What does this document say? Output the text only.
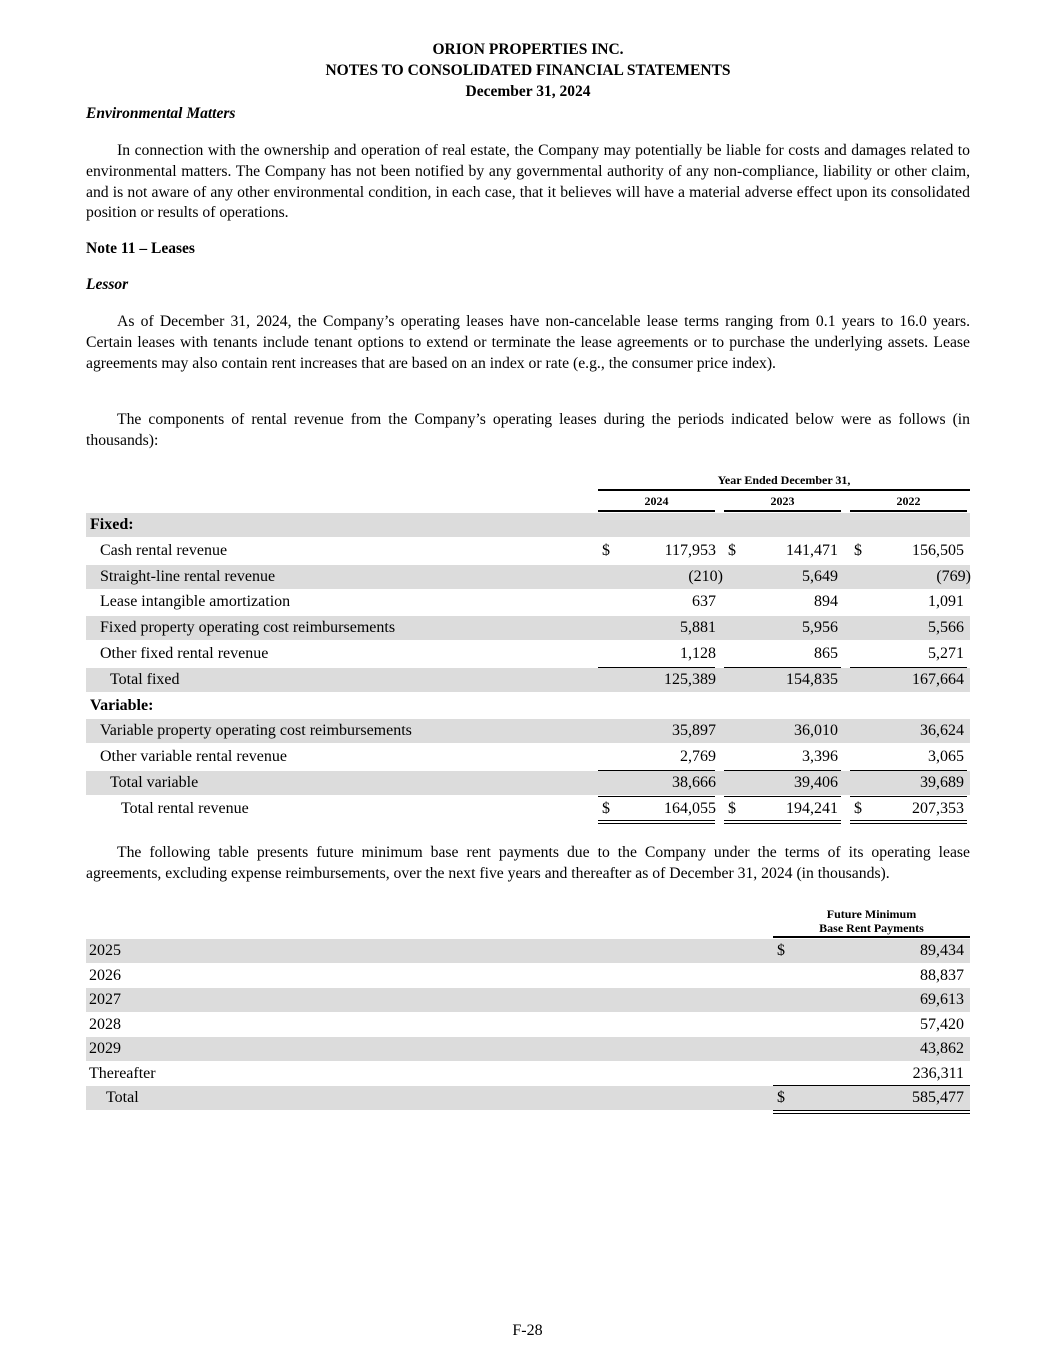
ORION PROPERTIES INC.
NOTES TO CONSOLIDATED FINANCIAL STATEMENTS
December 31, 2024
Environmental Matters

In connection with the ownership and operation of real estate, the Company may potentially be liable for costs and damages related to environmental matters. The Company has not been notified by any governmental authority of any non-compliance, liability or other claim, and is not aware of any other environmental condition, in each case, that it believes will have a material adverse effect upon its consolidated position or results of operations.

Note 11 – Leases
Lessor

As of December 31, 2024, the Company’s operating leases have non-cancelable lease terms ranging from 0.1 years to 16.0 years. Certain leases with tenants include tenant options to extend or terminate the lease agreements or to purchase the underlying assets. Lease agreements may also contain rent increases that are based on an index or rate (e.g., the consumer price index).

The components of rental revenue from the Company’s operating leases during the periods indicated below were as follows (in thousands):

The following table presents future minimum base rent payments due to the Company under the terms of its operating lease agreements, excluding expense reimbursements, over the next five years and thereafter as of December 31, 2024 (in thousands).

Year Ended December 31,
2024	2023	2022
Fixed:
Cash rental revenue	$	117,953 $	141,471 $	156,505
Straight-line rental revenue	(210)	5,649	(769)
Lease intangible amortization	637	894	1,091
Fixed property operating cost reimbursements	5,881	5,956	5,566
Other fixed rental revenue	1,128	865	5,271
Total fixed	125,389	154,835	167,664
Variable:
Variable property operating cost reimbursements	35,897	36,010	36,624
Other variable rental revenue	2,769	3,396	3,065
Total variable	38,666	39,406	39,689
Total rental revenue	$	164,055 $	194,241 $	207,353
Future Minimum
Base Rent Payments
2025	$	89,434
2026	88,837
2027	69,613
2028	57,420
2029	43,862
Thereafter	236,311
Total	$	585,477
F-28
